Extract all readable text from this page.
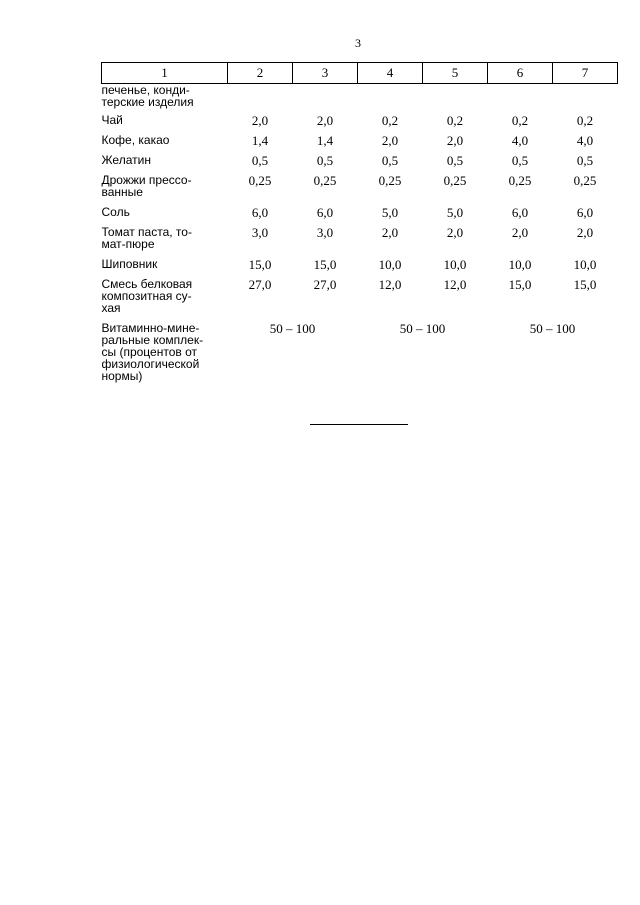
3
1	2	3	4	5	6	7
печенье, конди-
терские изделия						
Чай	2,0	2,0	0,2	0,2	0,2	0,2
Кофе, какао	1,4	1,4	2,0	2,0	4,0	4,0
Желатин	0,5	0,5	0,5	0,5	0,5	0,5
Дрожжи прессо-
ванные	0,25	0,25	0,25	0,25	0,25	0,25
Соль	6,0	6,0	5,0	5,0	6,0	6,0
Томат паста, то-
мат-пюре	3,0	3,0	2,0	2,0	2,0	2,0
Шиповник	15,0	15,0	10,0	10,0	10,0	10,0
Смесь белковая
композитная су-
хая	27,0	27,0	12,0	12,0	15,0	15,0
Витаминно-мине-
ральные комплек-
сы (процентов от
физиологической
нормы)	50 – 100		50 – 100		50 – 100	
